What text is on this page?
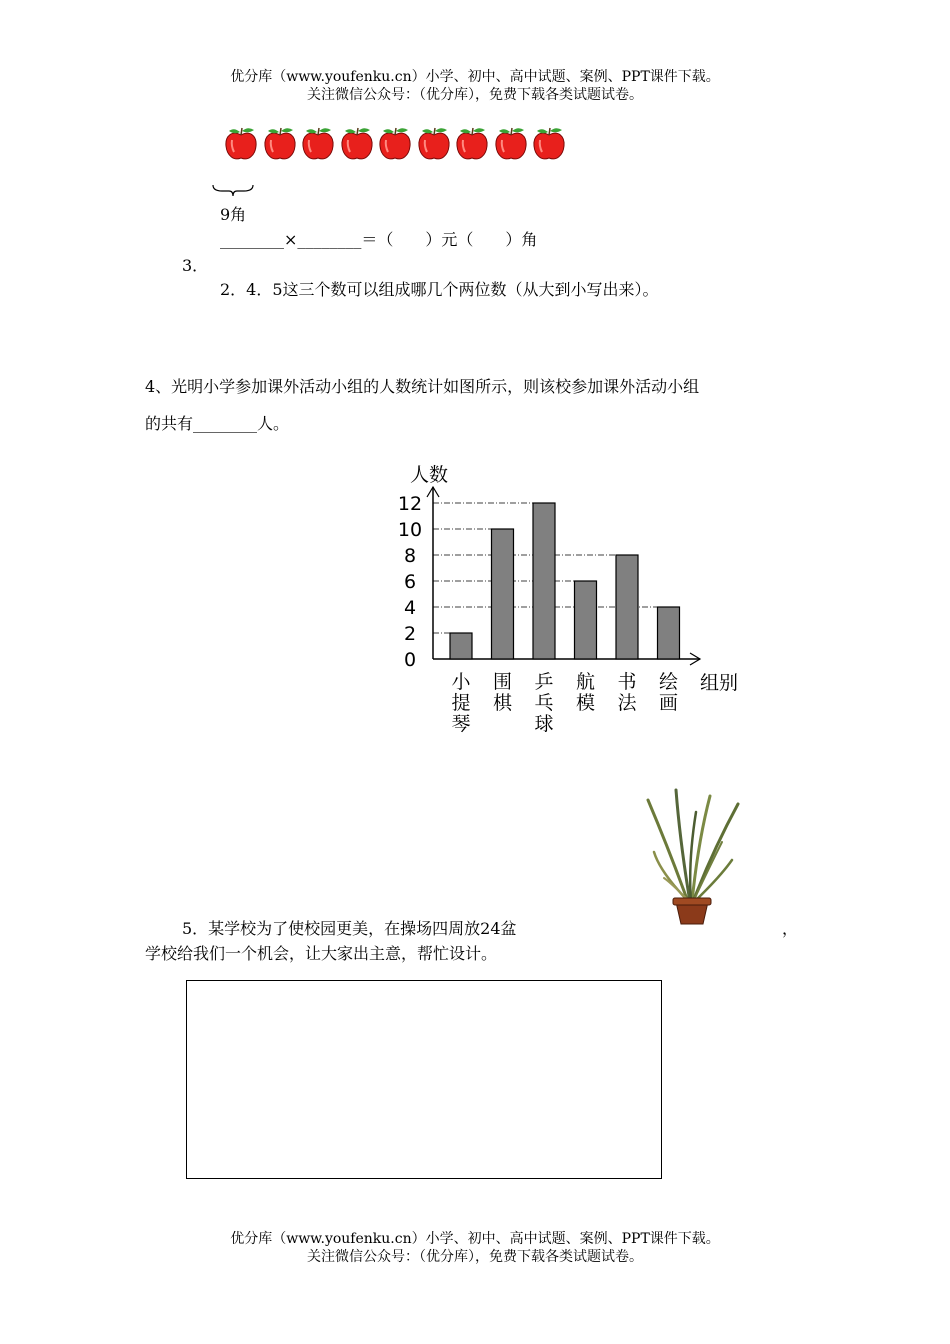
优分库（www.youfenku.cn）小学、初中、高中试题、案例、PPT课件下载。
关注微信公众号：（优分库），免费下载各类试题试卷。
9角
________×________＝（　　）元（　　）角
3．
2．4．5这三个数可以组成哪几个两位数（从大到小写出来）。
4、光明小学参加课外活动小组的人数统计如图所示，则该校参加课外活动小组
的共有________人。
人数
组别
0
2
4
6
8
10
12
小
提
琴
围
棋
乒
乓
球
航
模
书
法
绘
画
5．某学校为了使校园更美，在操场四周放24盆	，
学校给我们一个机会，让大家出主意，帮忙设计。
优分库（www.youfenku.cn）小学、初中、高中试题、案例、PPT课件下载。
关注微信公众号：（优分库），免费下载各类试题试卷。
